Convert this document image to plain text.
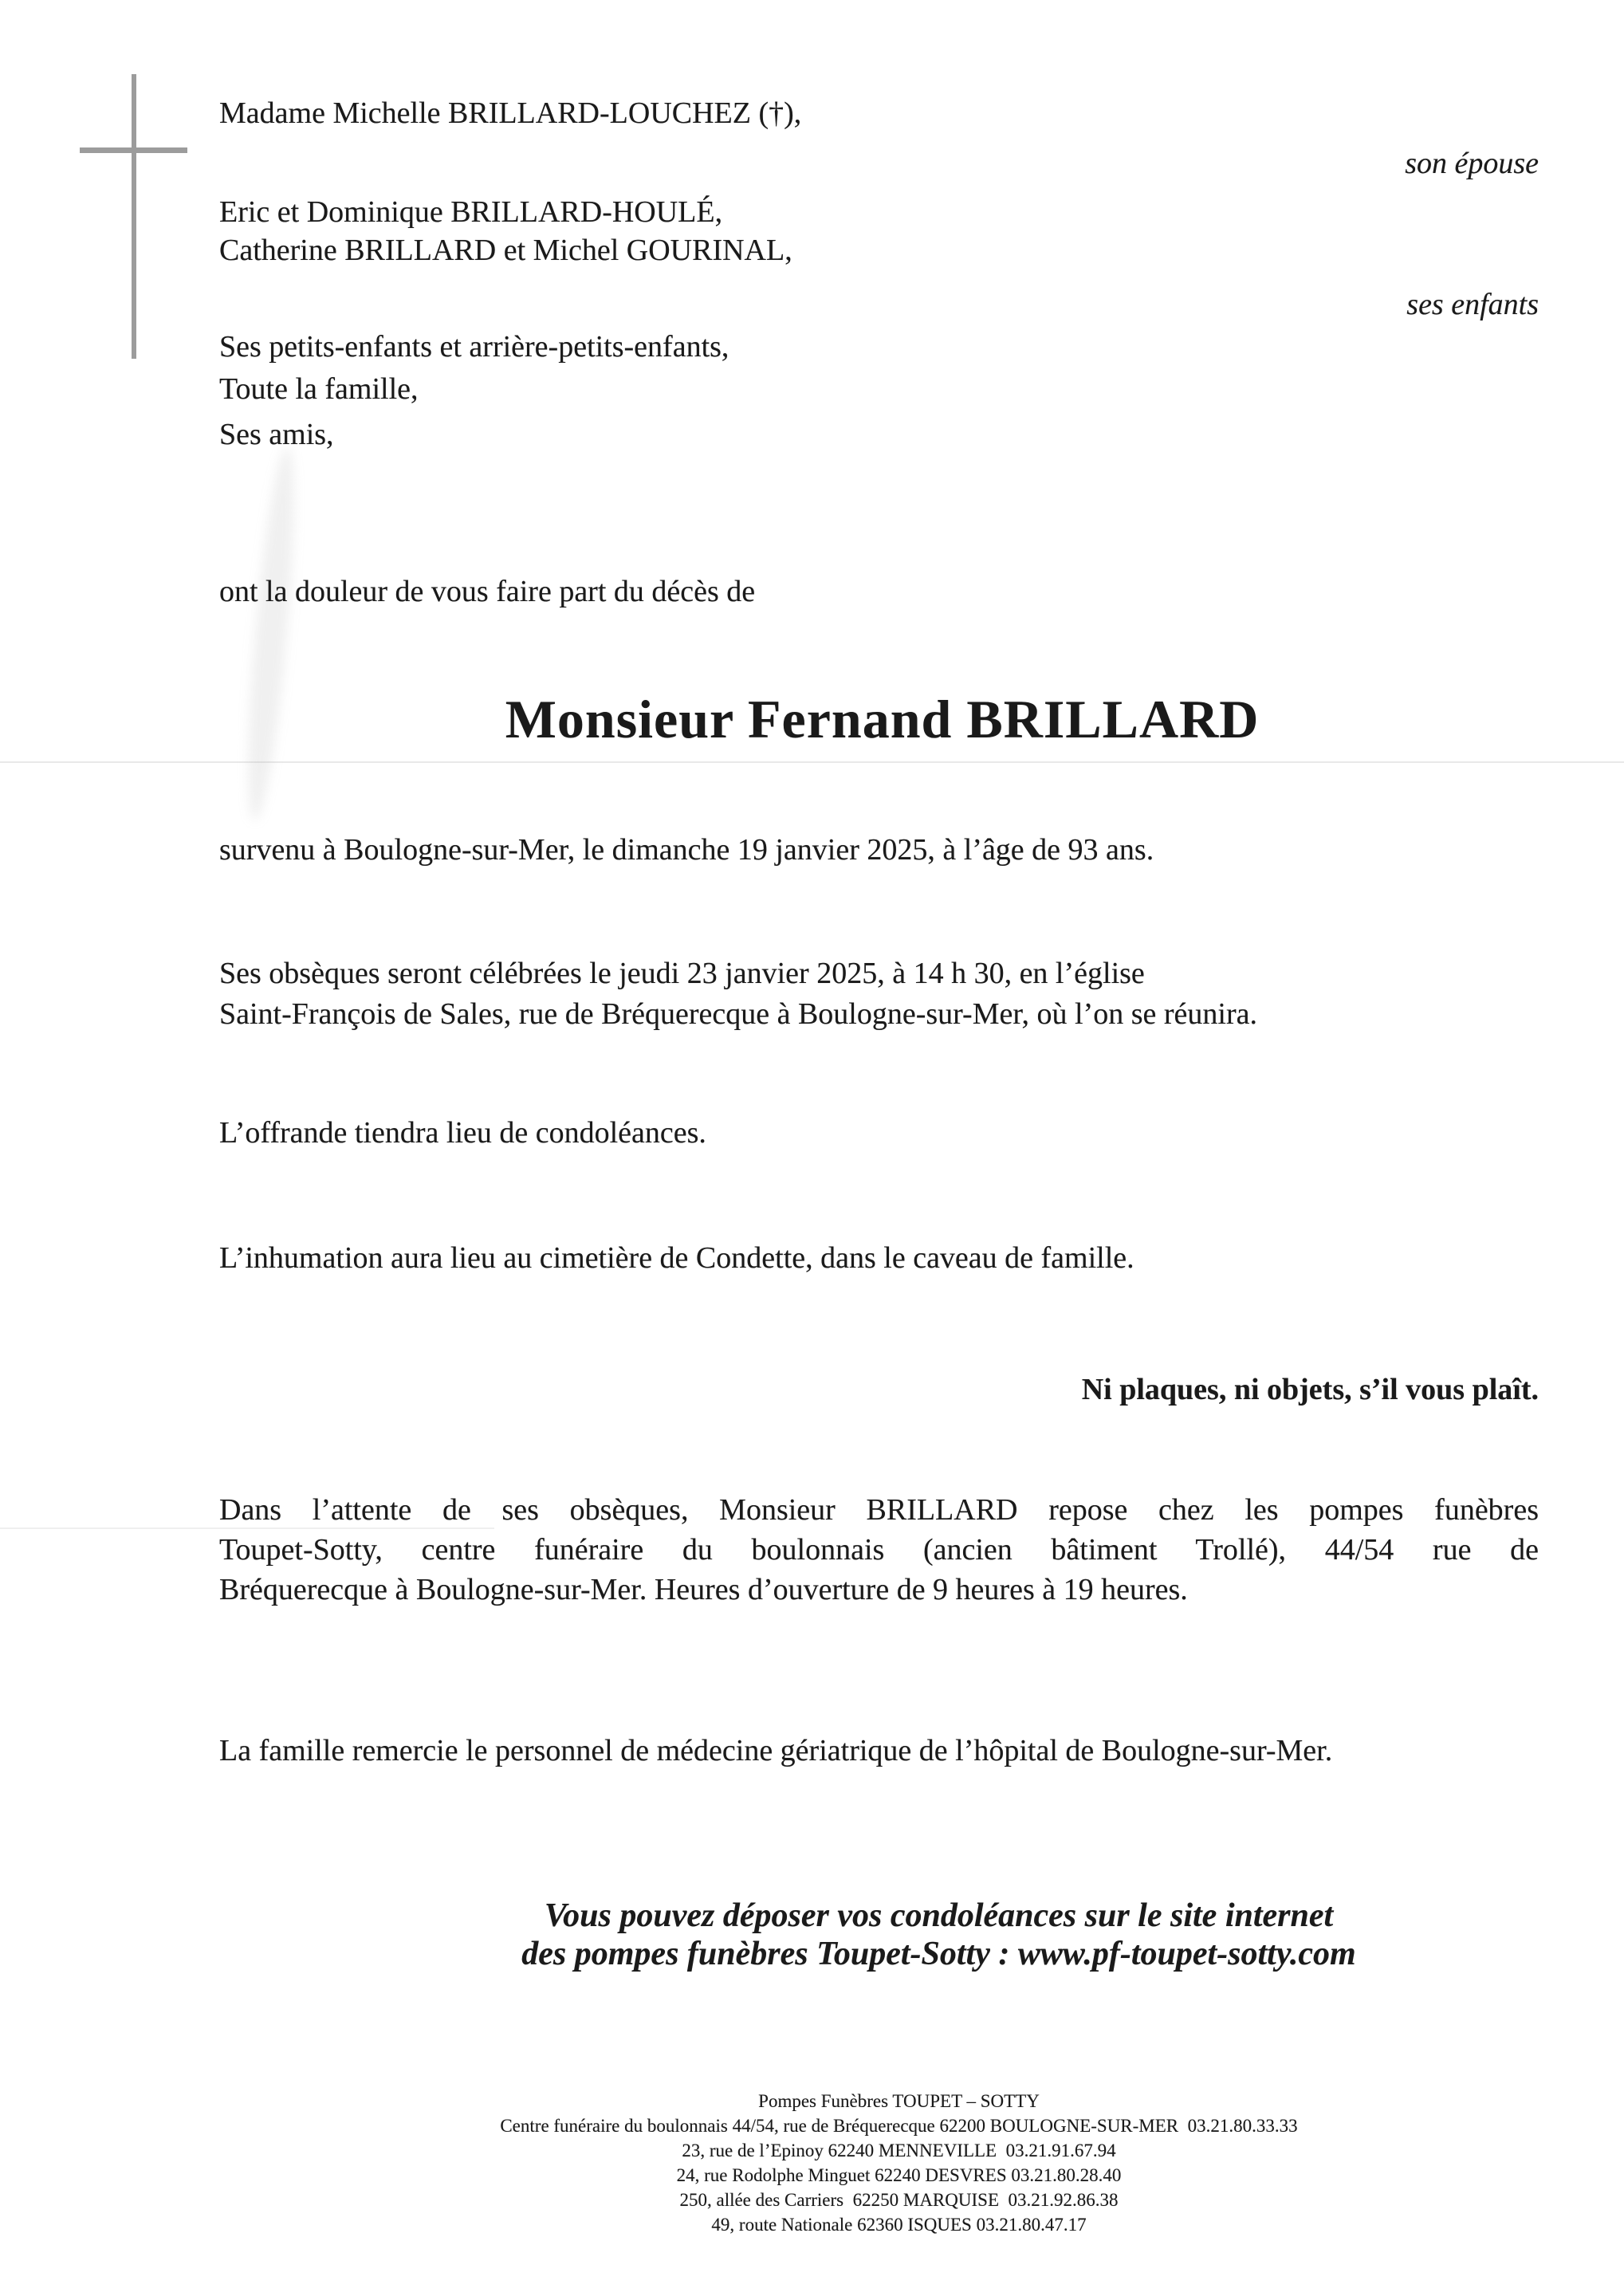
Madame Michelle BRILLARD-LOUCHEZ (†),
son épouse
Eric et Dominique BRILLARD-HOULÉ,
Catherine BRILLARD et Michel GOURINAL,
ses enfants
Ses petits-enfants et arrière-petits-enfants,
Toute la famille,
Ses amis,
ont la douleur de vous faire part du décès de
Monsieur Fernand BRILLARD
survenu à Boulogne-sur-Mer, le dimanche 19 janvier 2025, à l’âge de 93 ans.
Ses obsèques seront célébrées le jeudi 23 janvier 2025, à 14 h 30, en l’église
Saint-François de Sales, rue de Bréquerecque à Boulogne-sur-Mer, où l’on se réunira.
L’offrande tiendra lieu de condoléances.
L’inhumation aura lieu au cimetière de Condette, dans le caveau de famille.
Ni plaques, ni objets, s’il vous plaît.
Dans l’attente de ses obsèques, Monsieur BRILLARD repose chez les pompes funèbres
Toupet-Sotty, centre funéraire du boulonnais (ancien bâtiment Trollé), 44/54 rue de
Bréquerecque à Boulogne-sur-Mer. Heures d’ouverture de 9 heures à 19 heures.
La famille remercie le personnel de médecine gériatrique de l’hôpital de Boulogne-sur-Mer.
Vous pouvez déposer vos condoléances sur le site internet
des pompes funèbres Toupet-Sotty : www.pf-toupet-sotty.com
Pompes Funèbres TOUPET – SOTTY
Centre funéraire du boulonnais 44/54, rue de Bréquerecque 62200 BOULOGNE-SUR-MER  03.21.80.33.33
23, rue de l’Epinoy 62240 MENNEVILLE  03.21.91.67.94
24, rue Rodolphe Minguet 62240 DESVRES 03.21.80.28.40
250, allée des Carriers  62250 MARQUISE  03.21.92.86.38
49, route Nationale 62360 ISQUES 03.21.80.47.17
